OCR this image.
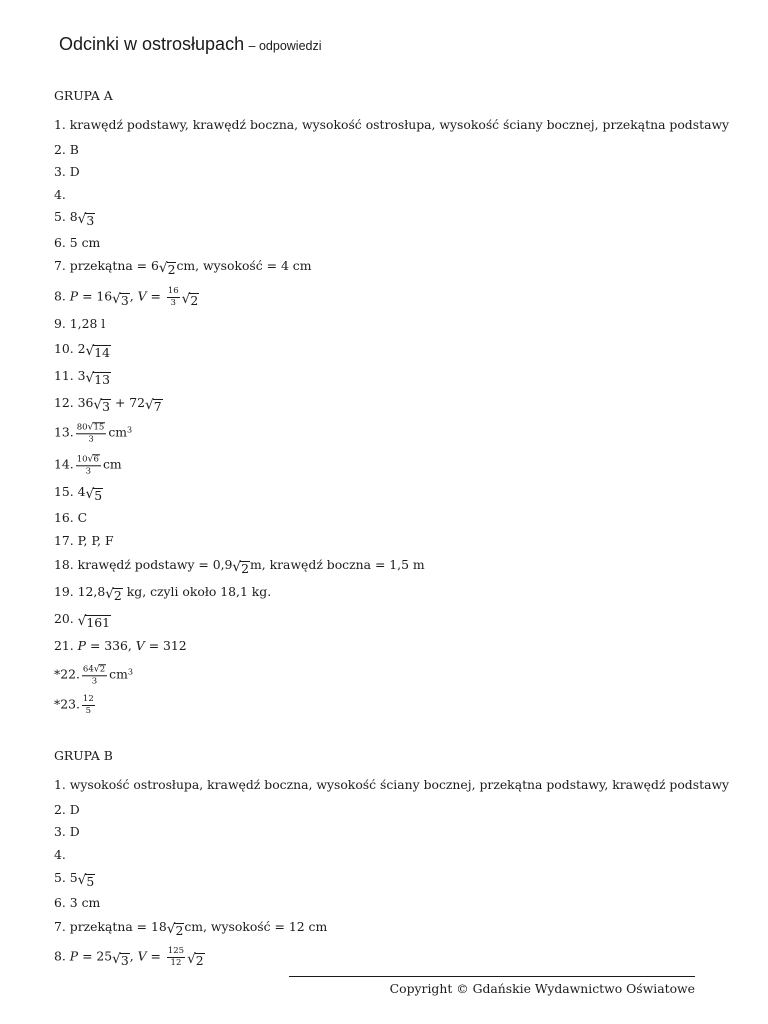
Odcinki w ostrosłupach – odpowiedzi
GRUPA A
1. krawędź podstawy, krawędź boczna, wysokość ostrosłupa, wysokość ściany bocznej, przekątna podstawy
2. B
3. D
4.
5. 8 √ 3
6. 5 cm
7. przekątna = 6 √ 2 cm, wysokość = 4 cm
8. P = 16 √ 3 , $V = \frac{16}{3}$ √ 2
9. 1,28 l
10. 2 √ 14
11. 3 √ 13
12. 36 √ 3 + 72 √ 7
13. $\frac{80 √ 15}{3} cm^3$
14. $\frac{10 √ 6}{3}$ cm
15. 4 √ 5
16. C
17. P, P, F
18. krawędź podstawy = 0,9 √ 2 m, krawędź boczna = 1,5 m
19. 12,8 √ 2 kg, czyli około 18,1 kg.
20. √ 161
21. P = 336, V = 312
*22. $\frac{64 √ 2}{3} cm^3$
*23. $\frac{12}{5}$
GRUPA B
1. wysokość ostrosłupa, krawędź boczna, wysokość ściany bocznej, przekątna podstawy, krawędź podstawy
2. D
3. D
4.
5. 5 √ 5
6. 3 cm
7. przekątna = 18 √ 2 cm, wysokość = 12 cm
8. P = 25 √ 3 , $V = \frac{125}{12}$ √ 2
Copyright © Gdańskie Wydawnictwo Oświatowe
